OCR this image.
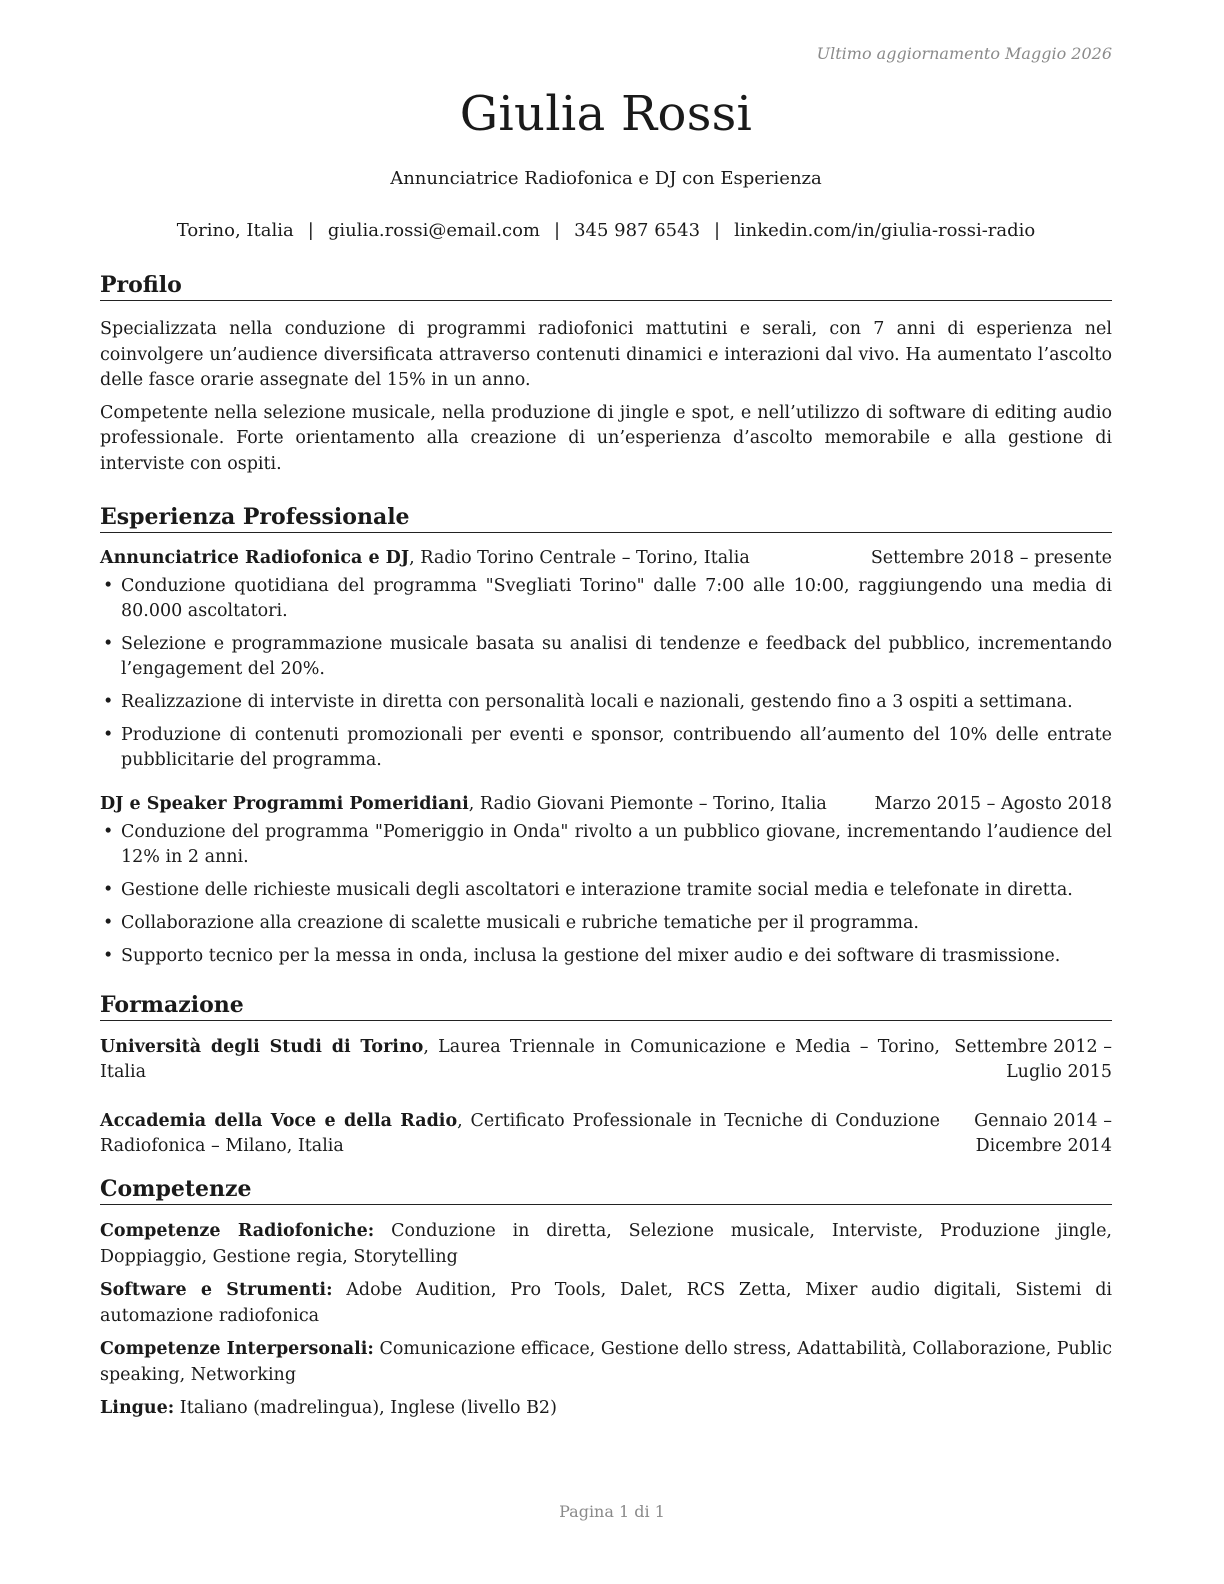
Ultimo aggiornamento Maggio 2026
Giulia Rossi
Annunciatrice Radiofonica e DJ con Esperienza
Torino, Italia | giulia.rossi@email.com | 345 987 6543 | linkedin.com/in/giulia-rossi-radio
Profilo

Specializzata nella conduzione di programmi radiofonici mattutini e serali, con 7 anni di esperienza nel coinvolgere un’audience diversificata attraverso contenuti dinamici e interazioni dal vivo. Ha aumentato l’ascolto delle fasce orarie assegnate del 15% in un anno.

Competente nella selezione musicale, nella produzione di jingle e spot, e nell’utilizzo di software di editing audio professionale. Forte orientamento alla creazione di un’esperienza d’ascolto memorabile e alla gestione di interviste con ospiti.

Esperienza Professionale
Annunciatrice Radiofonica e DJ, Radio Torino Centrale – Torino, Italia	Settembre 2018 – presente
• Conduzione quotidiana del programma "Svegliati Torino" dalle 7:00 alle 10:00, raggiungendo una media di 80.000 ascoltatori.
• Selezione e programmazione musicale basata su analisi di tendenze e feedback del pubblico, incrementando l’engagement del 20%.
• Realizzazione di interviste in diretta con personalità locali e nazionali, gestendo fino a 3 ospiti a settimana.
• Produzione di contenuti promozionali per eventi e sponsor, contribuendo all’aumento del 10% delle entrate pubblicitarie del programma.
DJ e Speaker Programmi Pomeridiani, Radio Giovani Piemonte – Torino, Italia	Marzo 2015 – Agosto 2018
• Conduzione del programma "Pomeriggio in Onda" rivolto a un pubblico giovane, incrementando l’audience del 12% in 2 anni.
• Gestione delle richieste musicali degli ascoltatori e interazione tramite social media e telefonate in diretta.
• Collaborazione alla creazione di scalette musicali e rubriche tematiche per il programma.
• Supporto tecnico per la messa in onda, inclusa la gestione del mixer audio e dei software di trasmissione.
Formazione
Università degli Studi di Torino, Laurea Triennale in Comunicazione e Media – Torino, Italia
Settembre 2012 – Luglio 2015
Accademia della Voce e della Radio, Certificato Professionale in Tecniche di Conduzione Radiofonica – Milano, Italia
Gennaio 2014 – Dicembre 2014
Competenze

Competenze Radiofoniche: Conduzione in diretta, Selezione musicale, Interviste, Produzione jingle, Doppiaggio, Gestione regia, Storytelling

Software e Strumenti: Adobe Audition, Pro Tools, Dalet, RCS Zetta, Mixer audio digitali, Sistemi di automazione radiofonica

Competenze Interpersonali: Comunicazione efficace, Gestione dello stress, Adattabilità, Collaborazione, Public speaking, Networking

Lingue: Italiano (madrelingua), Inglese (livello B2)

Pagina 1 di 1
